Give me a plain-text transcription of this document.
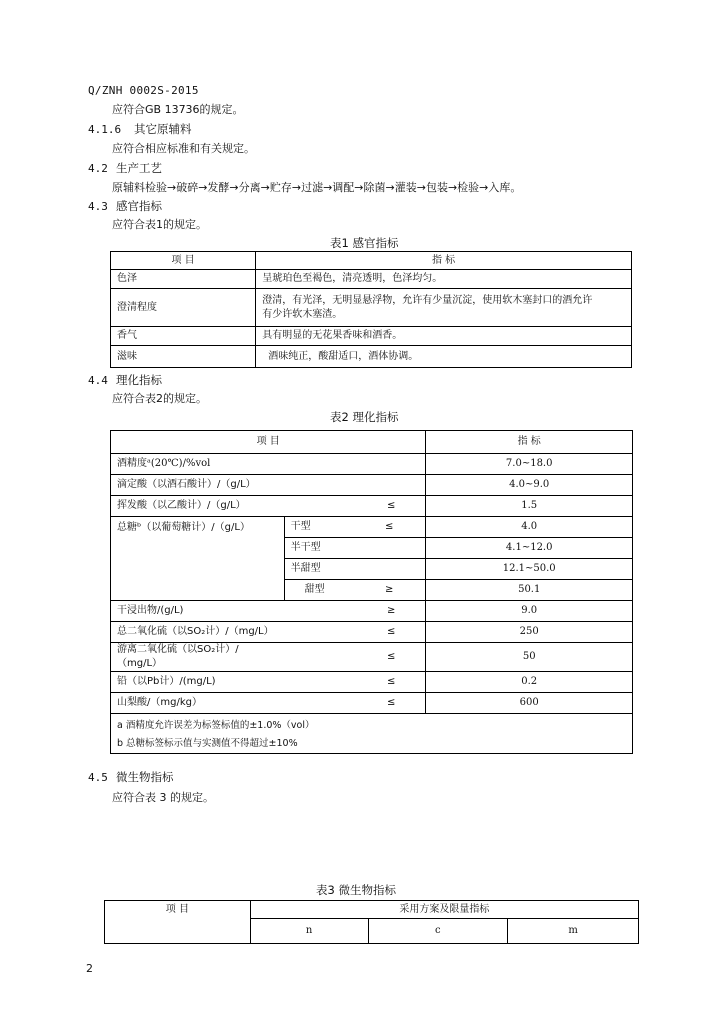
Q/ZNH 0002S-2015
应符合GB 13736的规定。
4.1.6 其它原辅料
应符合相应标准和有关规定。
4.2 生产工艺
原辅料检验→破碎→发酵→分离→贮存→过滤→调配→除菌→灌装→包装→检验→入库。
4.3 感官指标
应符合表1的规定。
表1 感官指标
项 目	指 标
色泽	呈琥珀色至褐色，清亮透明，色泽均匀。
澄清程度	澄清，有光泽，无明显悬浮物，允许有少量沉淀，使用软木塞封口的酒允许
有少许软木塞渣。

香气	具有明显的无花果香味和酒香。
滋味	酒味纯正，酸甜适口，酒体协调。
4.4 理化指标
应符合表2的规定。
表2 理化指标
项 目		指 标
酒精度ᵃ(20℃)/%vol		7.0~18.0
滴定酸（以酒石酸计）/（g/L）		4.0~9.0
挥发酸（以乙酸计）/（g/L）	≤	1.5
总糖ᵇ（以葡萄糖计）/（g/L）	干型 ≤	4.0
	半干型	4.1~12.0
	半甜型	12.1~50.0
	甜型 ≥	50.1
干浸出物/(g/L)	≥	9.0
总二氧化硫（以SO₂计）/（mg/L）	≤	250
游离二氧化硫（以SO₂计）/（mg/L）	≤	50
铅（以Pb计）/(mg/L)	≤	0.2
山梨酸/（mg/kg）	≤	600

a 酒精度允许误差为标签标值的±1.0%（vol）
b 总糖标签标示值与实测值不得超过±10%		
4.5 微生物指标
应符合表 3 的规定。
表3 微生物指标
项 目	采用方案及限量指标		
	n	c	m
2
